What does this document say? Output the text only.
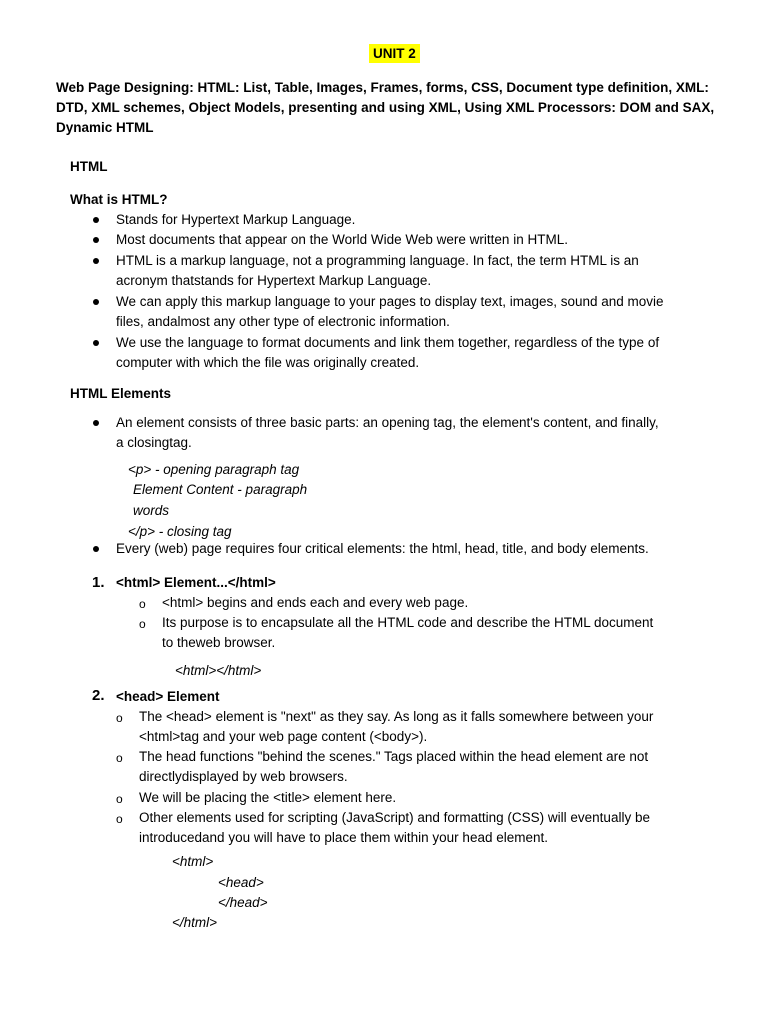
UNIT 2
Web Page Designing: HTML: List, Table, Images, Frames, forms, CSS, Document type definition, XML:
DTD, XML schemes, Object Models, presenting and using XML, Using XML Processors: DOM and SAX,
Dynamic HTML
HTML
What is HTML?
Stands for Hypertext Markup Language.
Most documents that appear on the World Wide Web were written in HTML.
HTML is a markup language, not a programming language. In fact, the term HTML is an
acronym thatstands for Hypertext Markup Language.
We can apply this markup language to your pages to display text, images, sound and movie
files, andalmost any other type of electronic information.
We use the language to format documents and link them together, regardless of the type of
computer with which the file was originally created.
HTML Elements
An element consists of three basic parts: an opening tag, the element's content, and finally,
a closingtag.
<p> - opening paragraph tag
Element Content - paragraph
words
</p> - closing tag
Every (web) page requires four critical elements: the html, head, title, and body elements.
1. <html> Element...</html>
o <html> begins and ends each and every web page.
o Its purpose is to encapsulate all the HTML code and describe the HTML document
to theweb browser.
<html></html>
2. <head> Element
o The <head> element is "next" as they say. As long as it falls somewhere between your
<html>tag and your web page content (<body>).
o The head functions "behind the scenes." Tags placed within the head element are not
directlydisplayed by web browsers.
o We will be placing the <title> element here.
o Other elements used for scripting (JavaScript) and formatting (CSS) will eventually be
introducedand you will have to place them within your head element.
<html>
<head>
</head>
</html>
